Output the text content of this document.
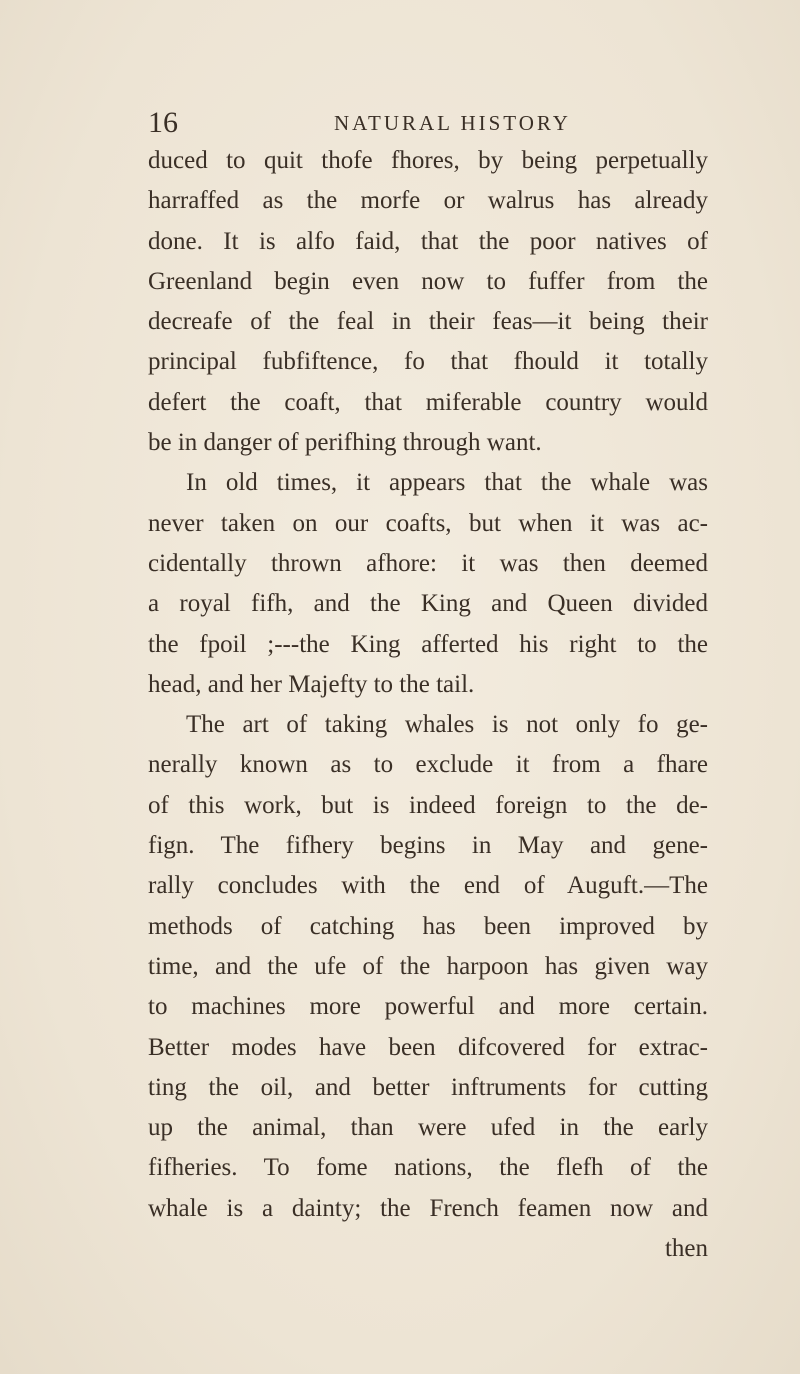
16	NATURAL HISTORY
duced to quit thofe fhores, by being perpetually
harraffed as the morfe or walrus has already
done. It is alfo faid, that the poor natives of
Greenland begin even now to fuffer from the
decreafe of the feal in their feas—it being their
principal fubfiftence, fo that fhould it totally
defert the coaft, that miferable country would
be in danger of perifhing through want.
In old times, it appears that the whale was
never taken on our coafts, but when it was ac-
cidentally thrown afhore: it was then deemed
a royal fifh, and the King and Queen divided
the fpoil ;---the King afferted his right to the
head, and her Majefty to the tail.
The art of taking whales is not only fo ge-
nerally known as to exclude it from a fhare
of this work, but is indeed foreign to the de-
fign. The fifhery begins in May and gene-
rally concludes with the end of Auguft.—The
methods of catching has been improved by
time, and the ufe of the harpoon has given way
to machines more powerful and more certain.
Better modes have been difcovered for extrac-
ting the oil, and better inftruments for cutting
up the animal, than were ufed in the early
fifheries. To fome nations, the flefh of the
whale is a dainty; the French feamen now and
then
